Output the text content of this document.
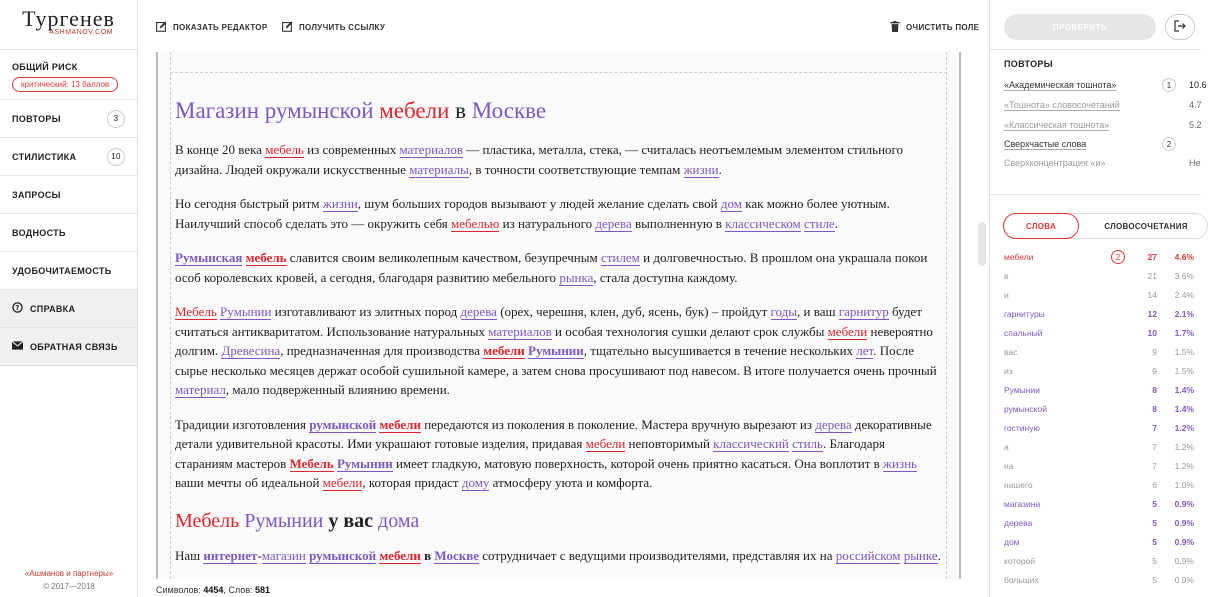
Тургенев
ASHMANOV.COM
ОБЩИЙ РИСК
критический: 13 баллов
ПОВТОРЫ	3
СТИЛИСТИКА	10
ЗАПРОСЫ
ВОДНОСТЬ
УДОБОЧИТАЕМОСТЬ
? СПРАВКА
ОБРАТНАЯ СВЯЗЬ
«Ашманов и партнеры»
© 2017—2018
ПОКАЗАТЬ РЕДАКТОР	ПОЛУЧИТЬ ССЫЛКУ	ОЧИСТИТЬ ПОЛЕ
Магазин румынской мебели в Москве

В конце 20 века мебель из современных материалов — пластика, металла, стека, — считалась неотъемлемым элементом стильного дизайна. Людей окружали искусственные материалы, в точности соответствующие темпам жизни.

Но сегодня быстрый ритм жизни, шум больших городов вызывают у людей желание сделать свой дом как можно более уютным. Наилучший способ сделать это — окружить себя мебелью из натурального дерева выполненную в классическом стиле.

Румынская мебель славится своим великолепным качеством, безупречным стилем и долговечностью. В прошлом она украшала покои особ королевских кровей, а сегодня, благодаря развитию мебельного рынка, стала доступна каждому.

Мебель Румынии изготавливают из элитных пород дерева (орех, черешня, клен, дуб, ясень, бук) – пройдут годы, и ваш гарнитур будет считаться антикваритатом. Использование натуральных материалов и особая технология сушки делают срок службы мебели невероятно долгим. Древесина, предназначенная для производства мебели Румынии, тщательно высушивается в течение нескольких лет. После сырье несколько месяцев держат особой сушильной камере, а затем снова просушивают под навесом. В итоге получается очень прочный материал, мало подверженный влиянию времени.

Традиции изготовления румынской мебели передаются из поколения в поколение. Мастера вручную вырезают из дерева декоративные детали удивительной красоты. Ими украшают готовые изделия, придавая мебели неповторимый классический стиль. Благодаря стараниям мастеров Мебель Румынии имеет гладкую, матовую поверхность, которой очень приятно касаться. Она воплотит в жизнь ваши мечты об идеальной мебели, которая придаст дому атмосферу уюта и комфорта.

Мебель Румынии у вас дома

Наш интернет-магазин румынской мебели в Москве сотрудничает с ведущими производителями, представляя их на российском рынке.

Символов: 4454, Слов: 581
ПРОВЕРИТЬ
ПОВТОРЫ
«Академическая тошнота»	1	10.6
«Тошнота» словосочетаний	4.7
«Классическая тошнота»	5.2
Сверхчастые слова	2
Сверхконцентрация «и»	Не
СЛОВА	СЛОВОСОЧЕТАНИЯ
мебели	2	27	4.6%
в	21	3.6%
и	14	2.4%
гарнитуры	12	2.1%
спальный	10	1.7%
вас	9	1.5%
из	9	1.5%
Румынии	8	1.4%
румынской	8	1.4%
гостиную	7	1.2%
а	7	1.2%
на	7	1.2%
нашего	6	1.0%
магазина	5	0.9%
дерева	5	0.9%
дом	5	0.9%
которой	5	0.9%
больших	5	0.9%
